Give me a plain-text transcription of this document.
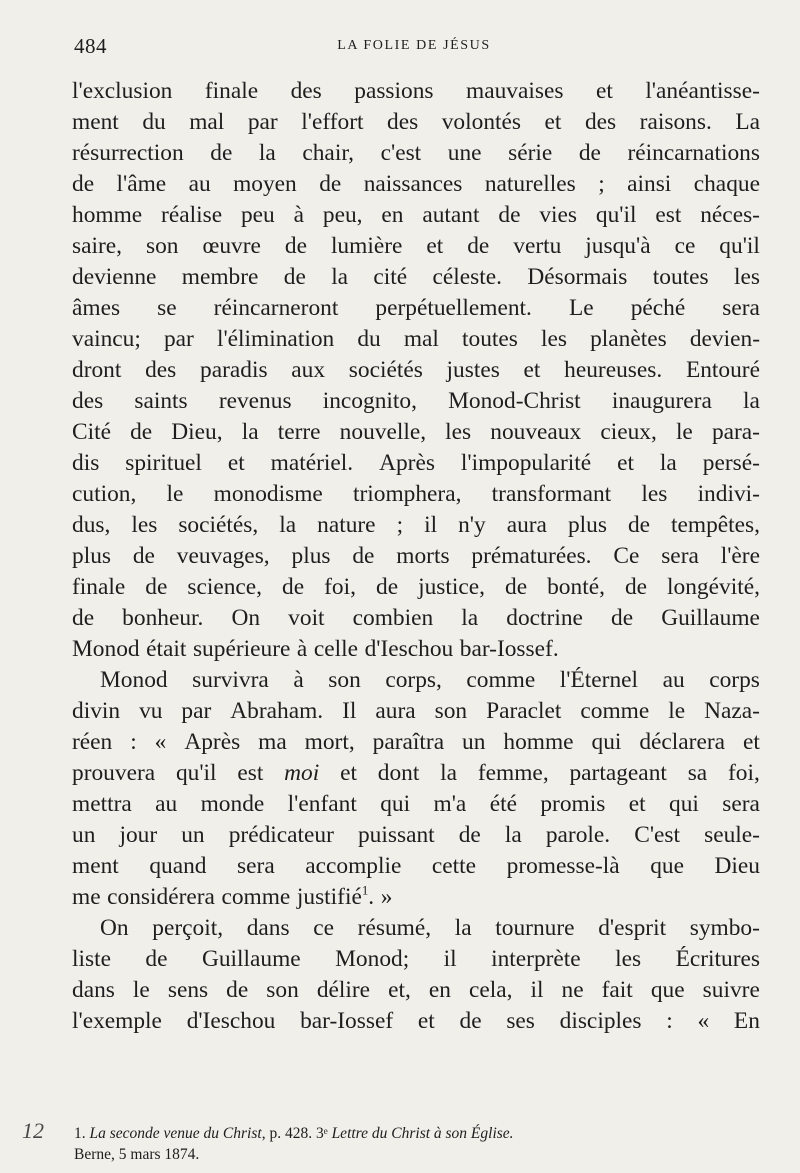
484	LA FOLIE DE JÉSUS
l'exclusion finale des passions mauvaises et l'anéantisse-
ment du mal par l'effort des volontés et des raisons. La
résurrection de la chair, c'est une série de réincarnations
de l'âme au moyen de naissances naturelles ; ainsi chaque
homme réalise peu à peu, en autant de vies qu'il est néces-
saire, son œuvre de lumière et de vertu jusqu'à ce qu'il
devienne membre de la cité céleste. Désormais toutes les
âmes se réincarneront perpétuellement. Le péché sera
vaincu; par l'élimination du mal toutes les planètes devien-
dront des paradis aux sociétés justes et heureuses. Entouré
des saints revenus incognito, Monod-Christ inaugurera la
Cité de Dieu, la terre nouvelle, les nouveaux cieux, le para-
dis spirituel et matériel. Après l'impopularité et la persé-
cution, le monodisme triomphera, transformant les indivi-
dus, les sociétés, la nature ; il n'y aura plus de tempêtes,
plus de veuvages, plus de morts prématurées. Ce sera l'ère
finale de science, de foi, de justice, de bonté, de longévité,
de bonheur. On voit combien la doctrine de Guillaume
Monod était supérieure à celle d'Ieschou bar-Iossef.
Monod survivra à son corps, comme l'Éternel au corps
divin vu par Abraham. Il aura son Paraclet comme le Naza-
réen : « Après ma mort, paraîtra un homme qui déclarera et
prouvera qu'il est moi et dont la femme, partageant sa foi,
mettra au monde l'enfant qui m'a été promis et qui sera
un jour un prédicateur puissant de la parole. C'est seule-
ment quand sera accomplie cette promesse-là que Dieu
me considérera comme justifié$^1$. »
On perçoit, dans ce résumé, la tournure d'esprit symbo-
liste de Guillaume Monod; il interprète les Écritures
dans le sens de son délire et, en cela, il ne fait que suivre
l'exemple d'Ieschou bar-Iossef et de ses disciples : « En
12 1. La seconde venue du Christ, p. 428. 3ᵉ Lettre du Christ à son Église.
Berne, 5 mars 1874.
